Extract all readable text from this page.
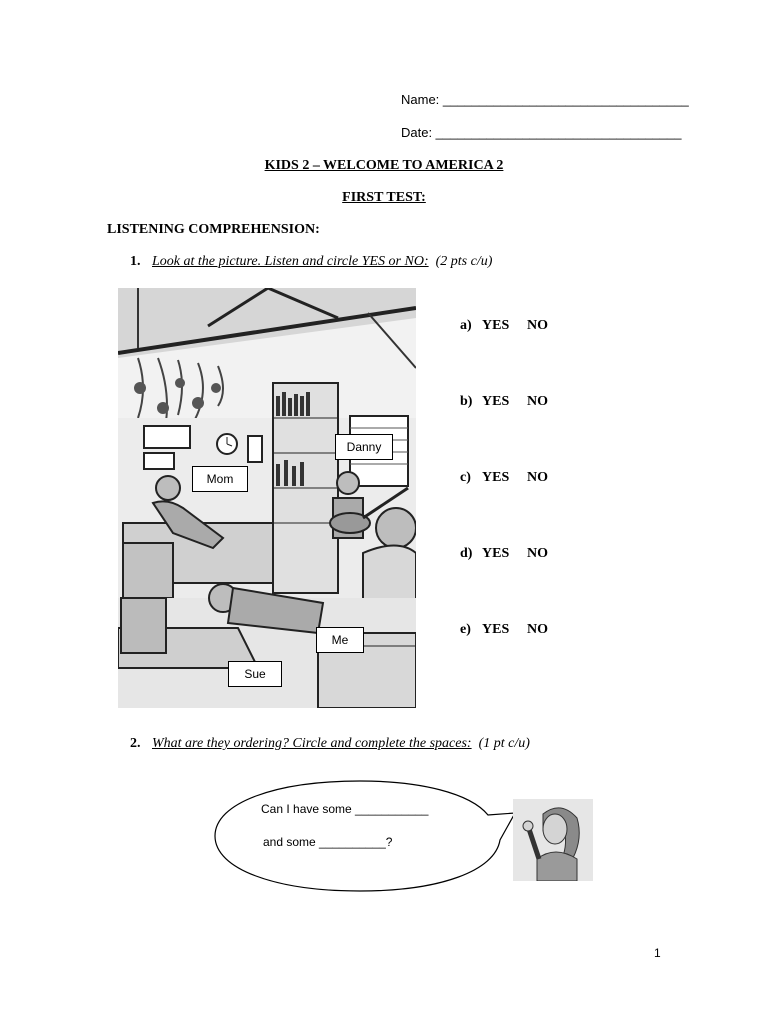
Name: __________________________________
Date: __________________________________
KIDS 2 – WELCOME TO AMERICA 2
FIRST TEST:
LISTENING COMPREHENSION:
1. Look at the picture. Listen and circle YES or NO: (2 pts c/u)
Danny
Mom
Me
Sue
a) YES	NO
b) YES	NO
c) YES	NO
d) YES	NO
e) YES	NO
2. What are they ordering? Circle and complete the spaces: (1 pt c/u)
Can I have some ___________
and some __________?
1
